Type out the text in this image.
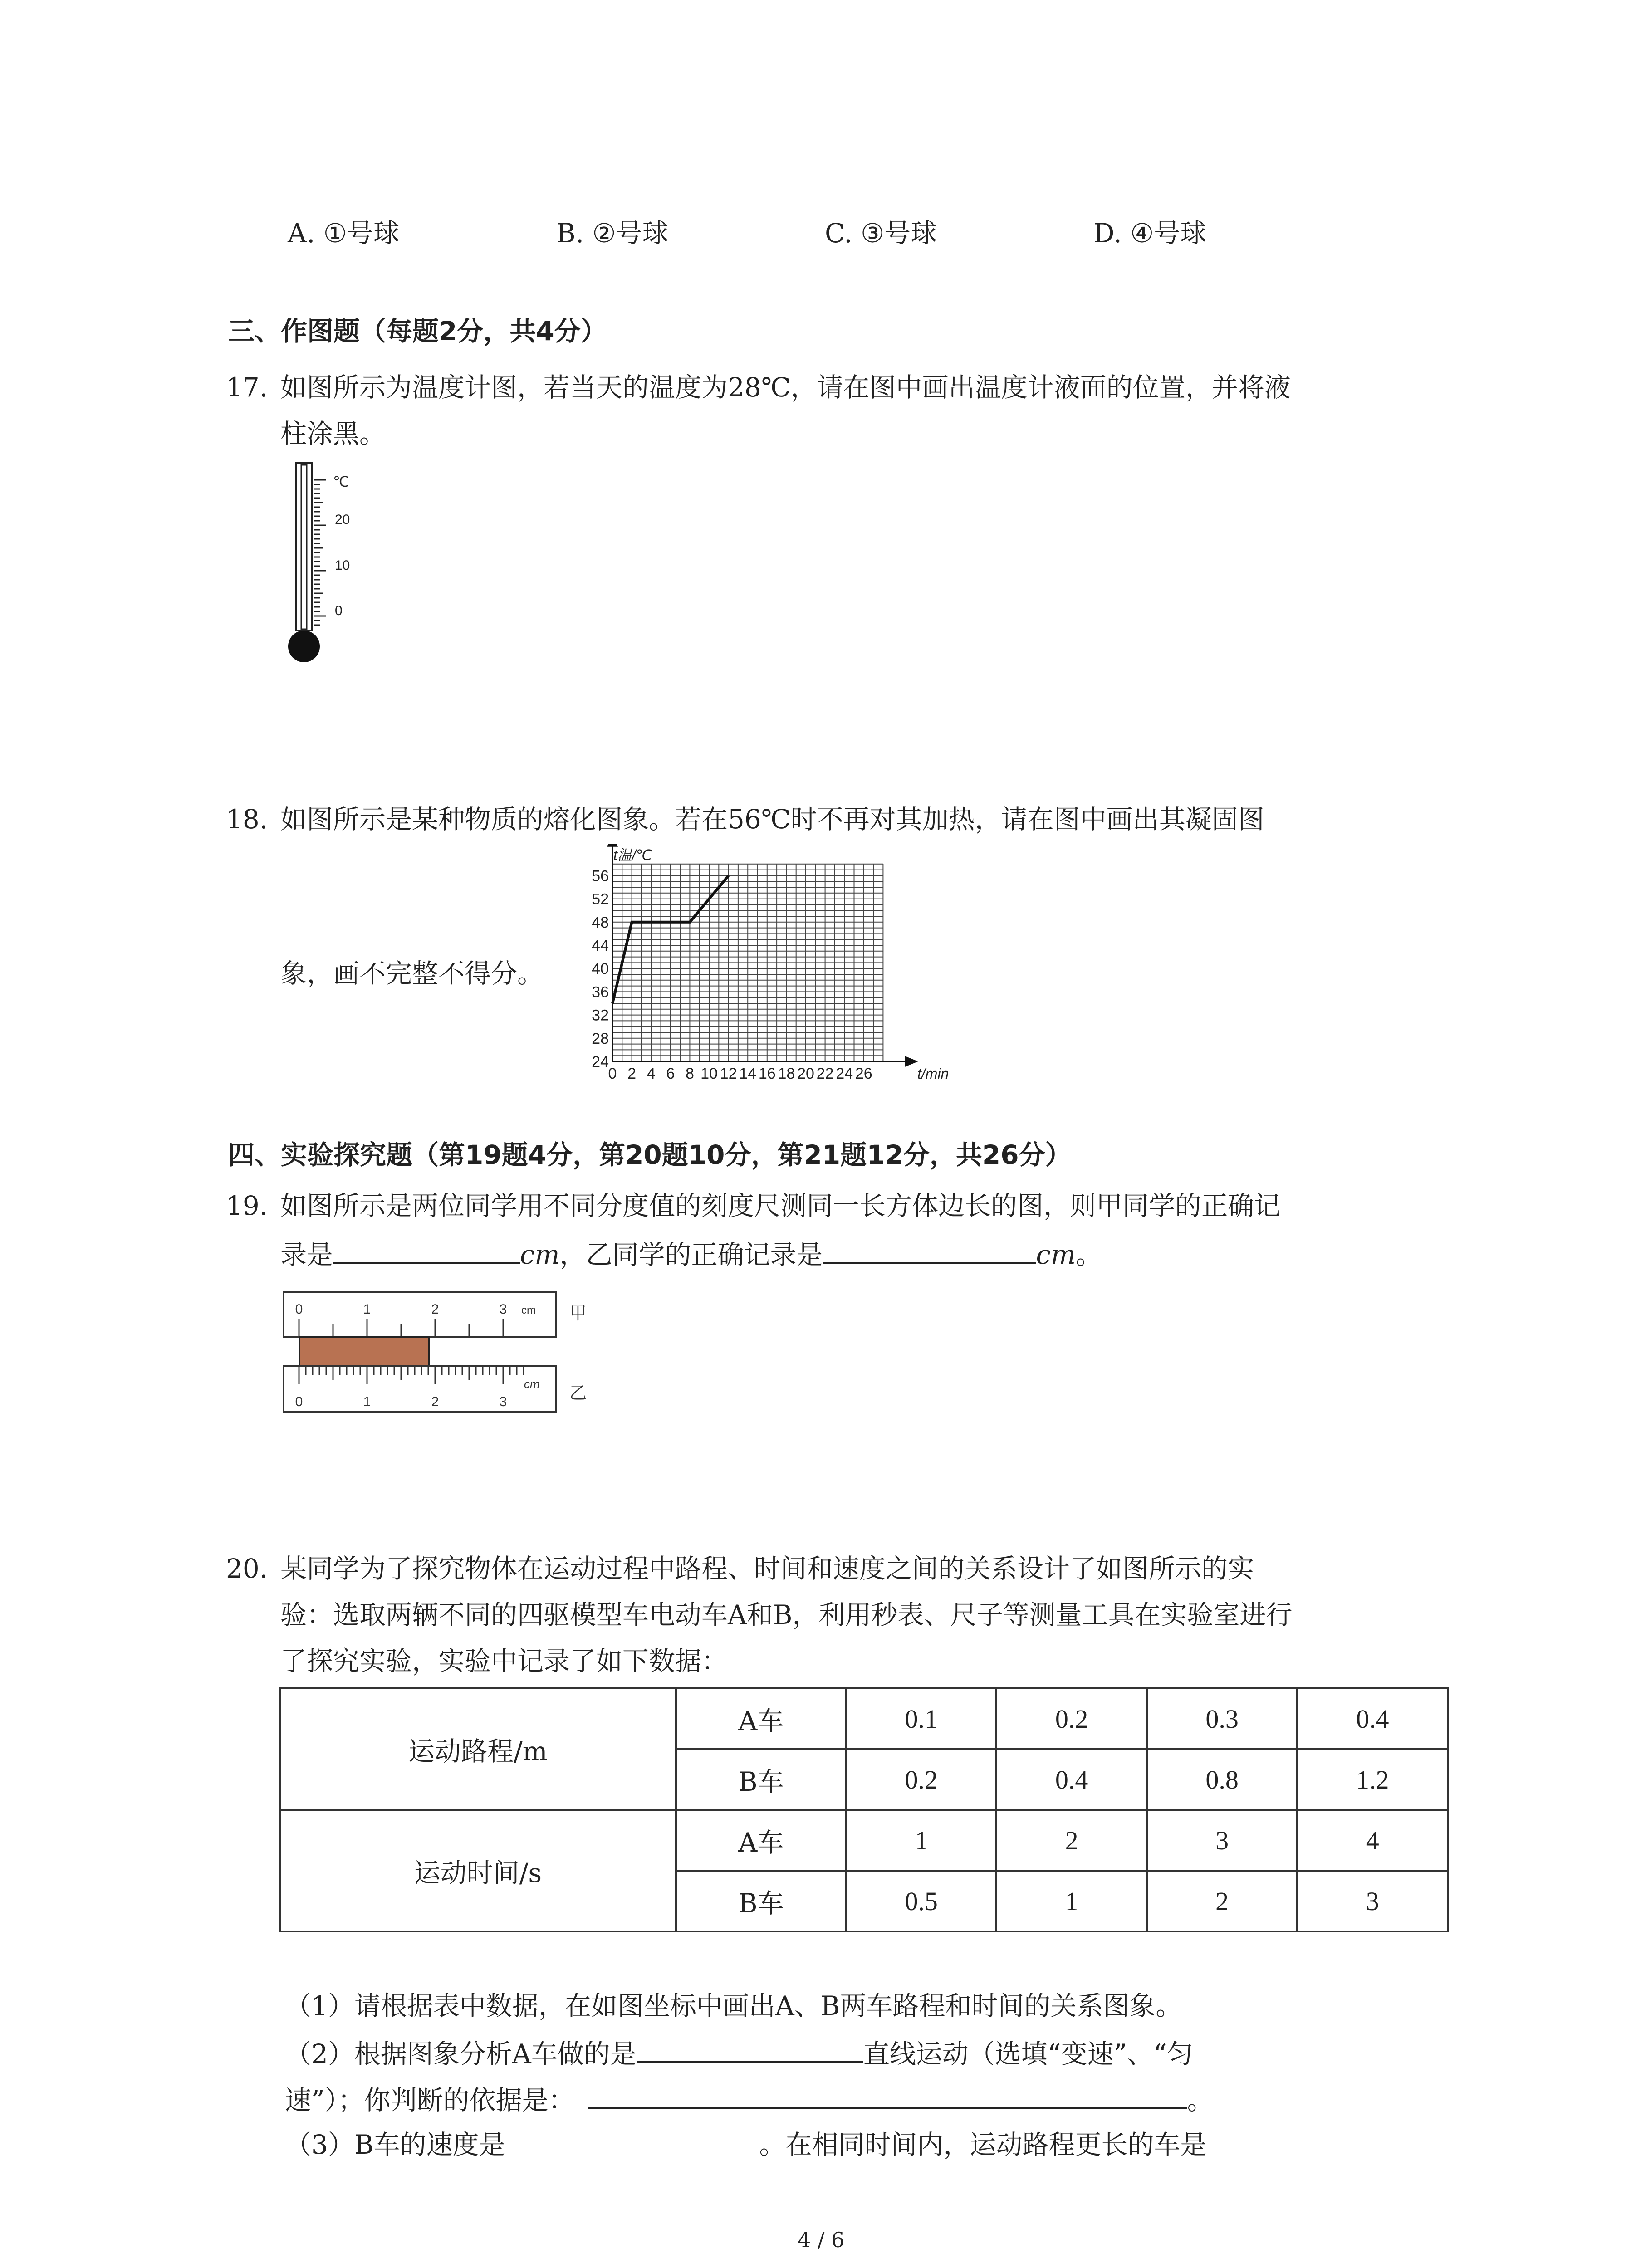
A. ①号球	B. ②号球	C. ③号球	D. ④号球
三、作图题（每题2分，共4分）
17. 如图所示为温度计图，若当天的温度为28℃，请在图中画出温度计液面的位置，并将液
柱涂黑。
℃
20
10
0
18. 如图所示是某种物质的熔化图象。若在56℃时不再对其加热，请在图中画出其凝固图
象，画不完整不得分。
24
28
32
36
40
44
48
52
56
0 2 4 6 8 10 12 14 16 18 20 22 24 26
t温/℃
t/min
四、实验探究题（第19题4分，第20题10分，第21题12分，共26分）
19. 如图所示是两位同学用不同分度值的刻度尺测同一长方体边长的图，则甲同学的正确记
录是	cm，乙同学的正确记录是	cm。
0	1	2	3 cm 甲
0	1	2	3
cm 乙
20. 某同学为了探究物体在运动过程中路程、时间和速度之间的关系设计了如图所示的实
验：选取两辆不同的四驱模型车电动车A和B，利用秒表、尺子等测量工具在实验室进行
了探究实验，实验中记录了如下数据：
运动路程/m	A车	0.1	0.2	0.3	0.4
	B车	0.2	0.4	0.8	1.2
运动时间/s	A车	1	2	3	4
	B车	0.5	1	2	3
（1）请根据表中数据，在如图坐标中画出A、B两车路程和时间的关系图象。
（2）根据图象分析A车做的是	直线运动（选填“变速”、“匀
速”）；你判断的依据是：	。
（3）B车的速度是	。在相同时间内，运动路程更长的车是
4 / 6
